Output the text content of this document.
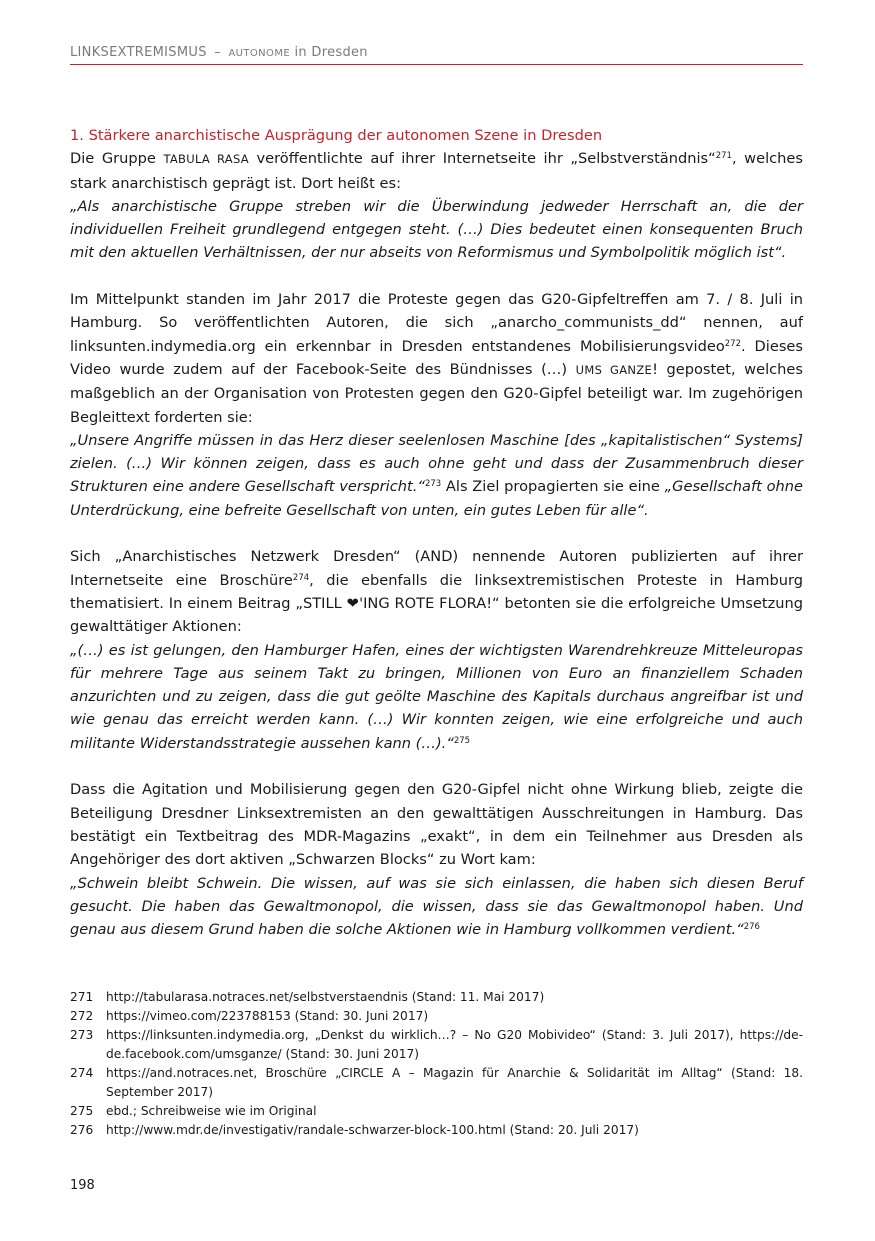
LINKSEXTREMISMUS – AUTONOME in Dresden

1. Stärkere anarchistische Ausprägung der autonomen Szene in Dresden

Die Gruppe TABULA RASA veröffentlichte auf ihrer Internetseite ihr „Selbstverständnis“$^{271}$, welches stark anarchistisch geprägt ist. Dort heißt es:

„Als anarchistische Gruppe streben wir die Überwindung jedweder Herrschaft an, die der individuellen Freiheit grundlegend entgegen steht. (…) Dies bedeutet einen konsequenten Bruch mit den aktuellen Verhältnissen, der nur abseits von Reformismus und Symbolpolitik möglich ist“.

Im Mittelpunkt standen im Jahr 2017 die Proteste gegen das G20-Gipfeltreffen am 7. / 8. Juli in Hamburg. So veröffentlichten Autoren, die sich „anarcho_communists_dd“ nennen, auf linksunten.indymedia.org ein erkennbar in Dresden entstandenes Mobilisierungsvideo$^{272}$. Dieses Video wurde zudem auf der Facebook-Seite des Bündnisses (…) UMS GANZE! gepostet, welches maßgeblich an der Organisation von Protesten gegen den G20-Gipfel beteiligt war. Im zugehörigen Begleittext forderten sie:

„Unsere Angriffe müssen in das Herz dieser seelenlosen Maschine [des „kapitalistischen“ Systems] zielen. (…) Wir können zeigen, dass es auch ohne geht und dass der Zusammenbruch dieser Strukturen eine andere Gesellschaft verspricht.“$^{273}$ Als Ziel propagierten sie eine „Gesellschaft ohne Unterdrückung, eine befreite Gesellschaft von unten, ein gutes Leben für alle“.

Sich „Anarchistisches Netzwerk Dresden“ (AND) nennende Autoren publizierten auf ihrer Internetseite eine Broschüre$^{274}$, die ebenfalls die linksextremistischen Proteste in Hamburg thematisiert. In einem Beitrag „STILL ❤'ING ROTE FLORA!“ betonten sie die erfolgreiche Umsetzung gewalttätiger Aktionen:

„(…) es ist gelungen, den Hamburger Hafen, eines der wichtigsten Warendrehkreuze Mitteleuropas für mehrere Tage aus seinem Takt zu bringen, Millionen von Euro an finanziellem Schaden anzurichten und zu zeigen, dass die gut geölte Maschine des Kapitals durchaus angreifbar ist und wie genau das erreicht werden kann. (…) Wir konnten zeigen, wie eine erfolgreiche und auch militante Widerstandsstrategie aussehen kann (…).“$^{275}$

Dass die Agitation und Mobilisierung gegen den G20-Gipfel nicht ohne Wirkung blieb, zeigte die Beteiligung Dresdner Linksextremisten an den gewalttätigen Ausschreitungen in Hamburg. Das bestätigt ein Textbeitrag des MDR-Magazins „exakt“, in dem ein Teilnehmer aus Dresden als Angehöriger des dort aktiven „Schwarzen Blocks“ zu Wort kam:

„Schwein bleibt Schwein. Die wissen, auf was sie sich einlassen, die haben sich diesen Beruf gesucht. Die haben das Gewaltmonopol, die wissen, dass sie das Gewaltmonopol haben. Und genau aus diesem Grund haben die solche Aktionen wie in Hamburg vollkommen verdient.“$^{276}$

271	http://tabularasa.notraces.net/selbstverstaendnis (Stand: 11. Mai 2017)
272	https://vimeo.com/223788153 (Stand: 30. Juni 2017)
273	https://linksunten.indymedia.org, „Denkst du wirklich…? – No G20 Mobivideo“ (Stand: 3. Juli 2017), https://de-de.facebook.com/umsganze/ (Stand: 30. Juni 2017)
274	https://and.notraces.net, Broschüre „CIRCLE A – Magazin für Anarchie & Solidarität im Alltag“ (Stand: 18. September 2017)
275	ebd.; Schreibweise wie im Original
276	http://www.mdr.de/investigativ/randale-schwarzer-block-100.html (Stand: 20. Juli 2017)
198
